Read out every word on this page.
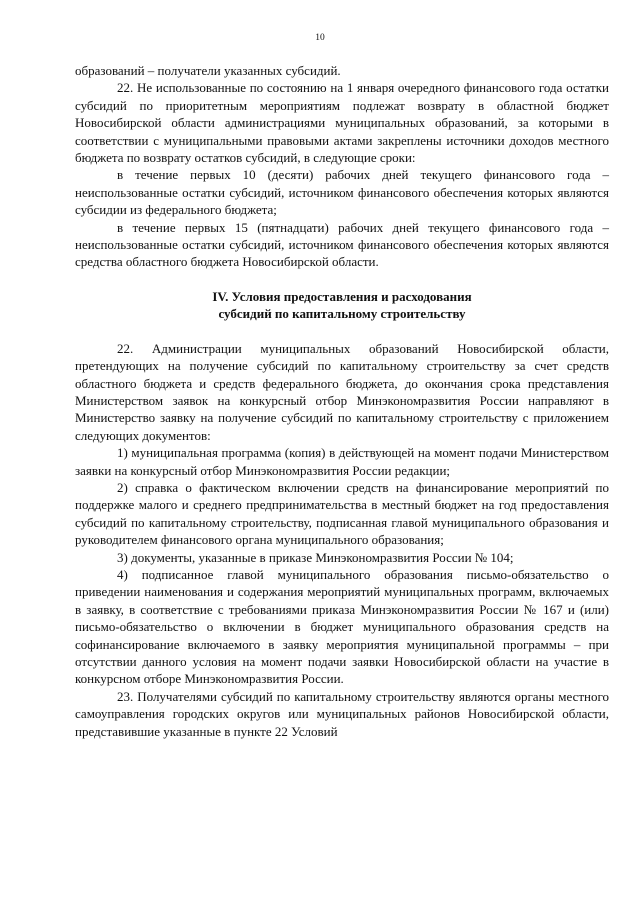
10

образований – получатели указанных субсидий.

22. Не использованные по состоянию на 1 января очередного финансового года остатки субсидий по приоритетным мероприятиям подлежат возврату в областной бюджет Новосибирской области администрациями муниципальных образований, за которыми в соответствии с муниципальными правовыми актами закреплены источники доходов местного бюджета по возврату остатков субсидий, в следующие сроки:

в течение первых 10 (десяти) рабочих дней текущего финансового года – неиспользованные остатки субсидий, источником финансового обеспечения которых являются субсидии из федерального бюджета;

в течение первых 15 (пятнадцати) рабочих дней текущего финансового года – неиспользованные остатки субсидий, источником финансового обеспечения которых являются средства областного бюджета Новосибирской области.

IV. Условия предоставления и расходования
субсидий по капитальному строительству

22. Администрации муниципальных образований Новосибирской области, претендующих на получение субсидий по капитальному строительству за счет средств областного бюджета и средств федерального бюджета, до окончания срока представления Министерством заявок на конкурсный отбор Минэкономразвития России направляют в Министерство заявку на получение субсидий по капитальному строительству с приложением следующих документов:

1) муниципальная программа (копия) в действующей на момент подачи Министерством заявки на конкурсный отбор Минэкономразвития России редакции;

2) справка о фактическом включении средств на финансирование мероприятий по поддержке малого и среднего предпринимательства в местный бюджет на год предоставления субсидий по капитальному строительству, подписанная главой муниципального образования и руководителем финансового органа муниципального образования;

3) документы, указанные в приказе Минэкономразвития России № 104;

4) подписанное главой муниципального образования письмо-обязательство о приведении наименования и содержания мероприятий муниципальных программ, включаемых в заявку, в соответствие с требованиями приказа Минэкономразвития России № 167 и (или) письмо-обязательство о включении в бюджет муниципального образования средств на софинансирование включаемого в заявку мероприятия муниципальной программы – при отсутствии данного условия на момент подачи заявки Новосибирской области на участие в конкурсном отборе Минэкономразвития России.

23. Получателями субсидий по капитальному строительству являются органы местного самоуправления городских округов или муниципальных районов Новосибирской области, представившие указанные в пункте 22 Условий
